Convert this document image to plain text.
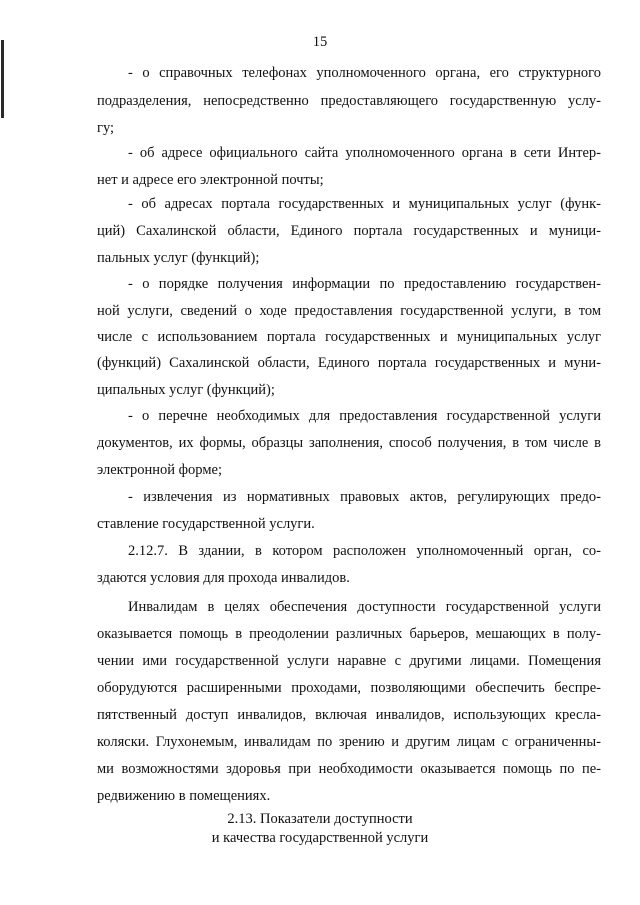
15
- о справочных телефонах уполномоченного органа, его структурного
подразделения, непосредственно предоставляющего государственную услу-
гу;
- об адресе официального сайта уполномоченного органа в сети Интер-
нет и адресе его электронной почты;
- об адресах портала государственных и муниципальных услуг (функ-
ций) Сахалинской области, Единого портала государственных и муници-
пальных услуг (функций);
- о порядке получения информации по предоставлению государствен-
ной услуги, сведений о ходе предоставления государственной услуги, в том
числе с использованием портала государственных и муниципальных услуг
(функций) Сахалинской области, Единого портала государственных и муни-
ципальных услуг (функций);
- о перечне необходимых для предоставления государственной услуги
документов, их формы, образцы заполнения, способ получения, в том числе в
электронной форме;
- извлечения из нормативных правовых актов, регулирующих предо-
ставление государственной услуги.
2.12.7. В здании, в котором расположен уполномоченный орган, со-
здаются условия для прохода инвалидов.
Инвалидам в целях обеспечения доступности государственной услуги
оказывается помощь в преодолении различных барьеров, мешающих в полу-
чении ими государственной услуги наравне с другими лицами. Помещения
оборудуются расширенными проходами, позволяющими обеспечить беспре-
пятственный доступ инвалидов, включая инвалидов, использующих кресла-
коляски. Глухонемым, инвалидам по зрению и другим лицам с ограниченны-
ми возможностями здоровья при необходимости оказывается помощь по пе-
редвижению в помещениях.
2.13. Показатели доступности
и качества государственной услуги
